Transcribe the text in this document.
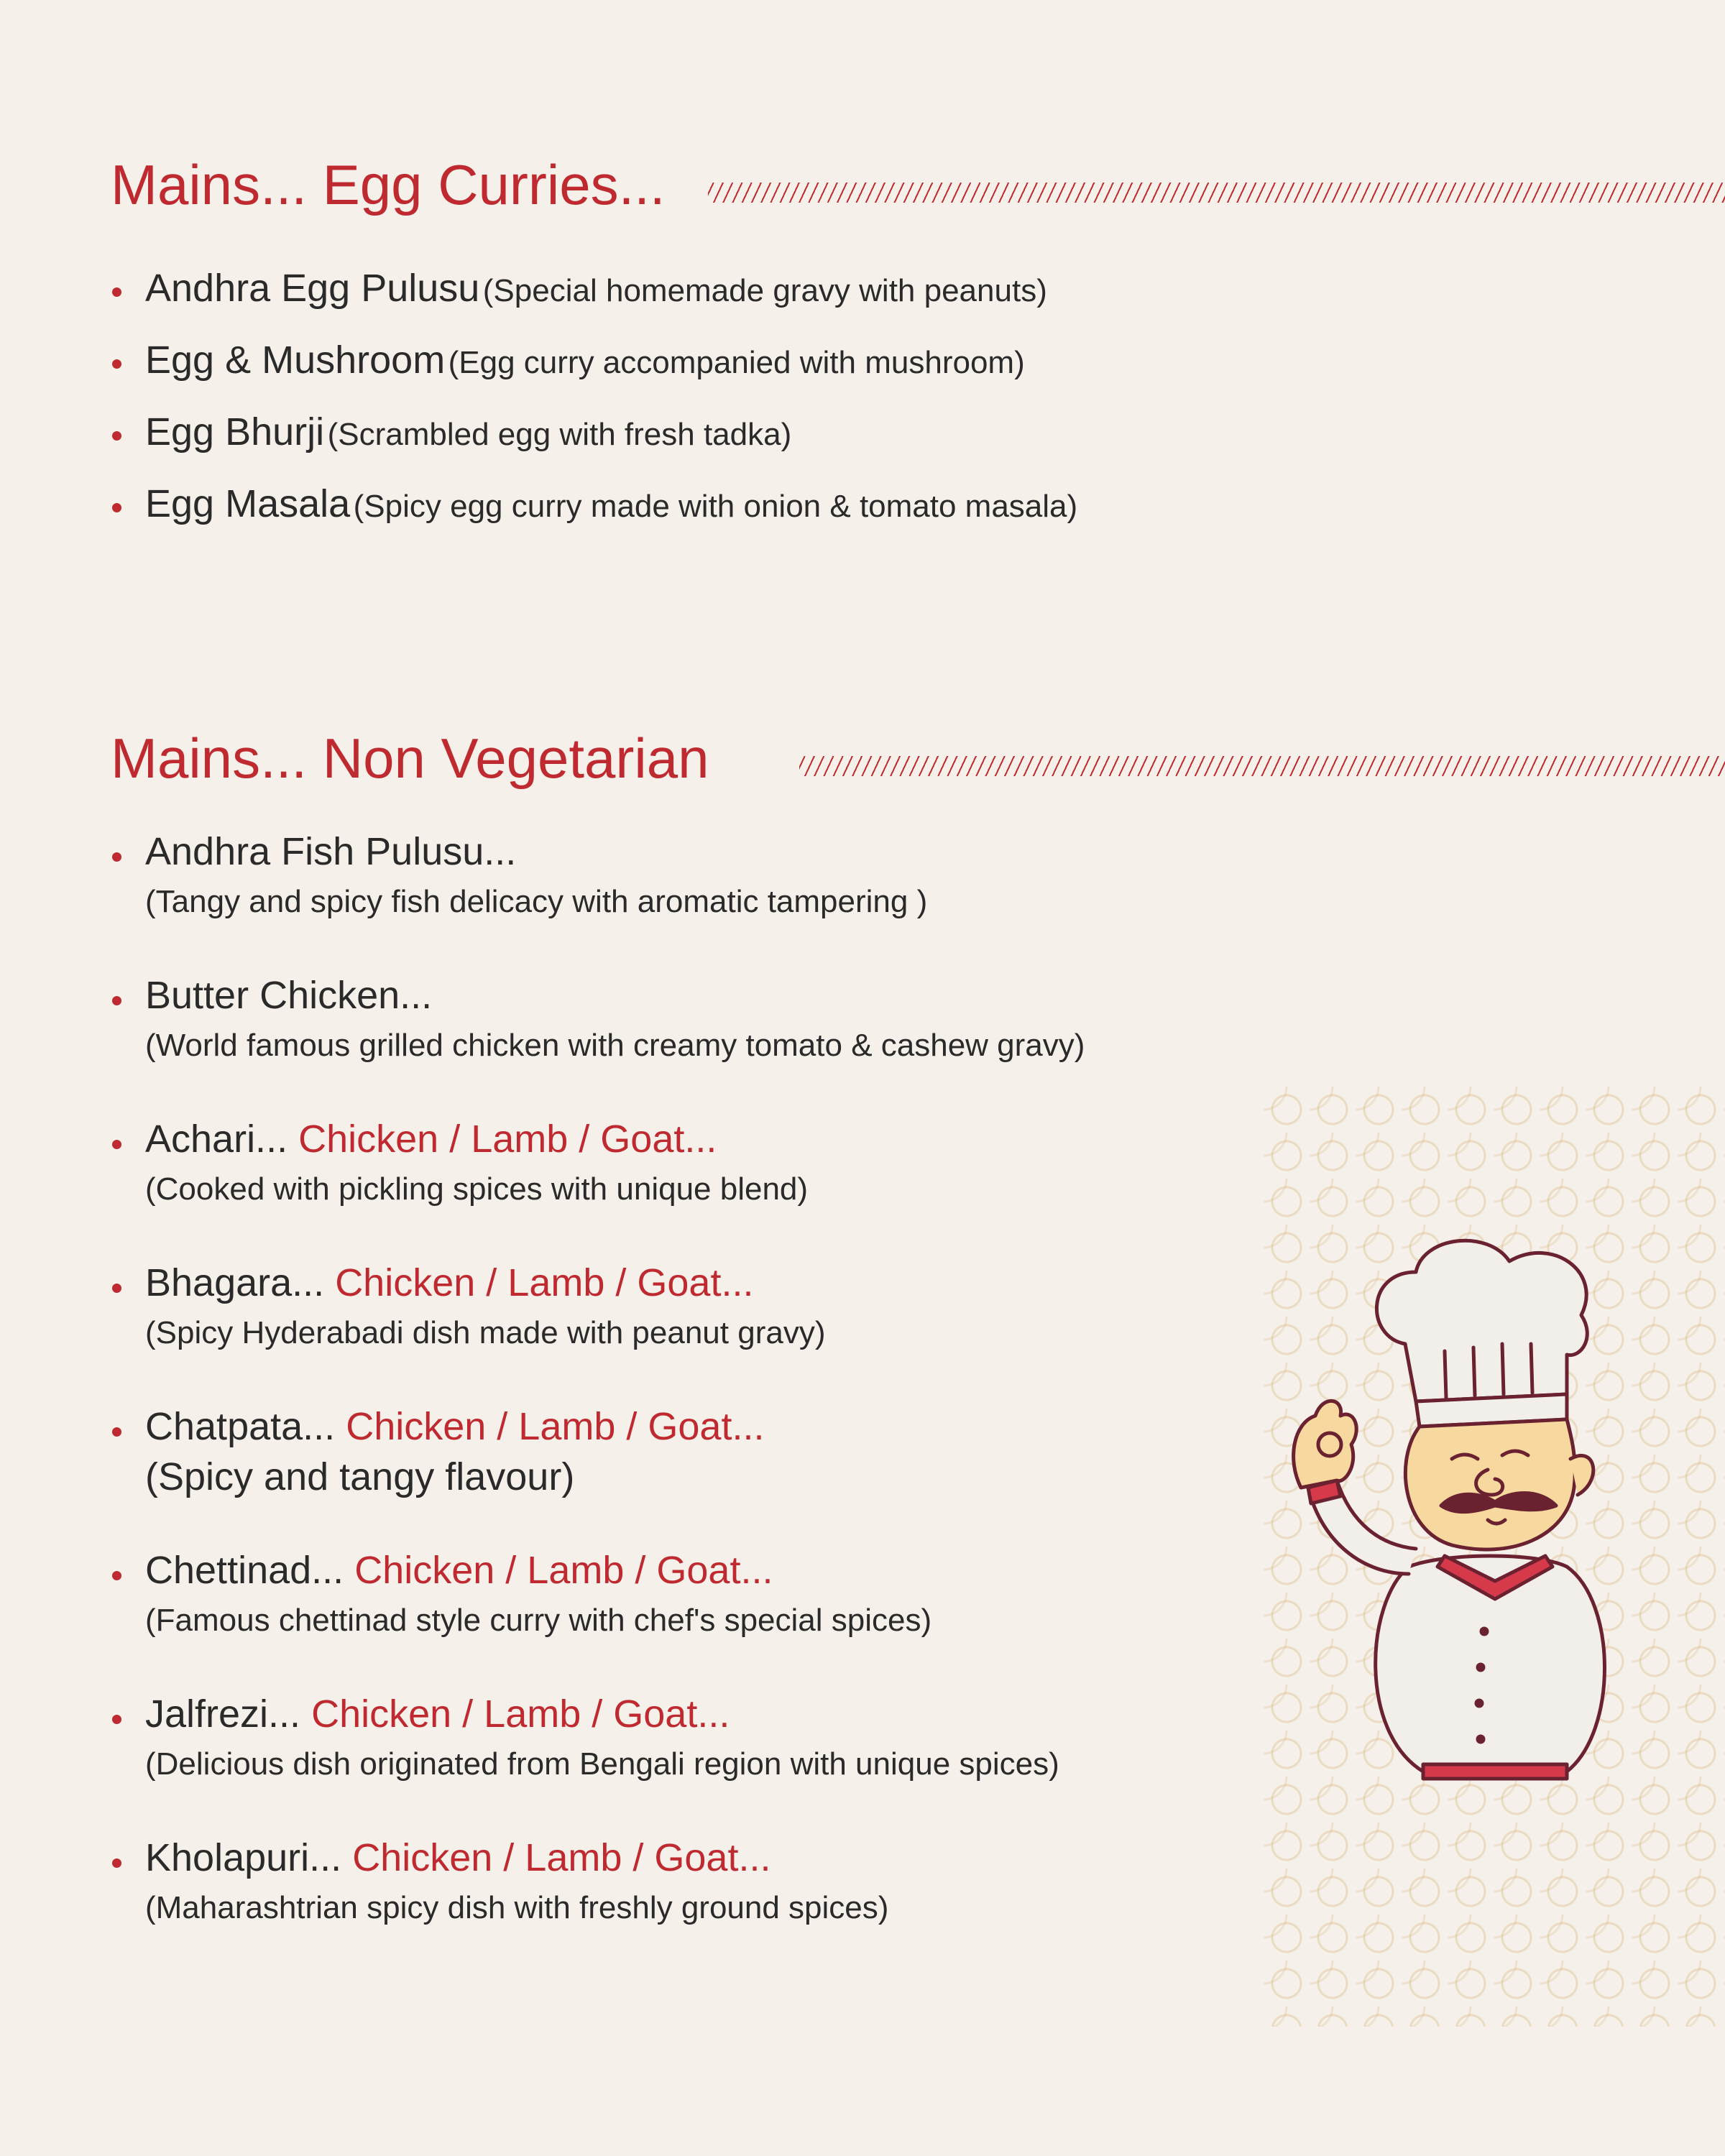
Mains... Egg Curries...
Andhra Egg Pulusu (Special homemade gravy with peanuts)
Egg & Mushroom (Egg curry accompanied with mushroom)
Egg Bhurji (Scrambled egg with fresh tadka)
Egg Masala (Spicy egg curry made with onion & tomato masala)
Mains... Non Vegetarian
Andhra Fish Pulusu...
(Tangy and spicy fish delicacy with aromatic tampering )
Butter Chicken...
(World famous grilled chicken with creamy tomato & cashew gravy)
Achari... Chicken / Lamb / Goat...
(Cooked with pickling spices with unique blend)
Bhagara... Chicken / Lamb / Goat...
(Spicy Hyderabadi dish made with peanut gravy)
Chatpata... Chicken / Lamb / Goat...
(Spicy and tangy flavour)
Chettinad... Chicken / Lamb / Goat...
(Famous chettinad style curry with chef's special spices)
Jalfrezi... Chicken / Lamb / Goat...
(Delicious dish originated from Bengali region with unique spices)
Kholapuri... Chicken / Lamb / Goat...
(Maharashtrian spicy dish with freshly ground spices)
